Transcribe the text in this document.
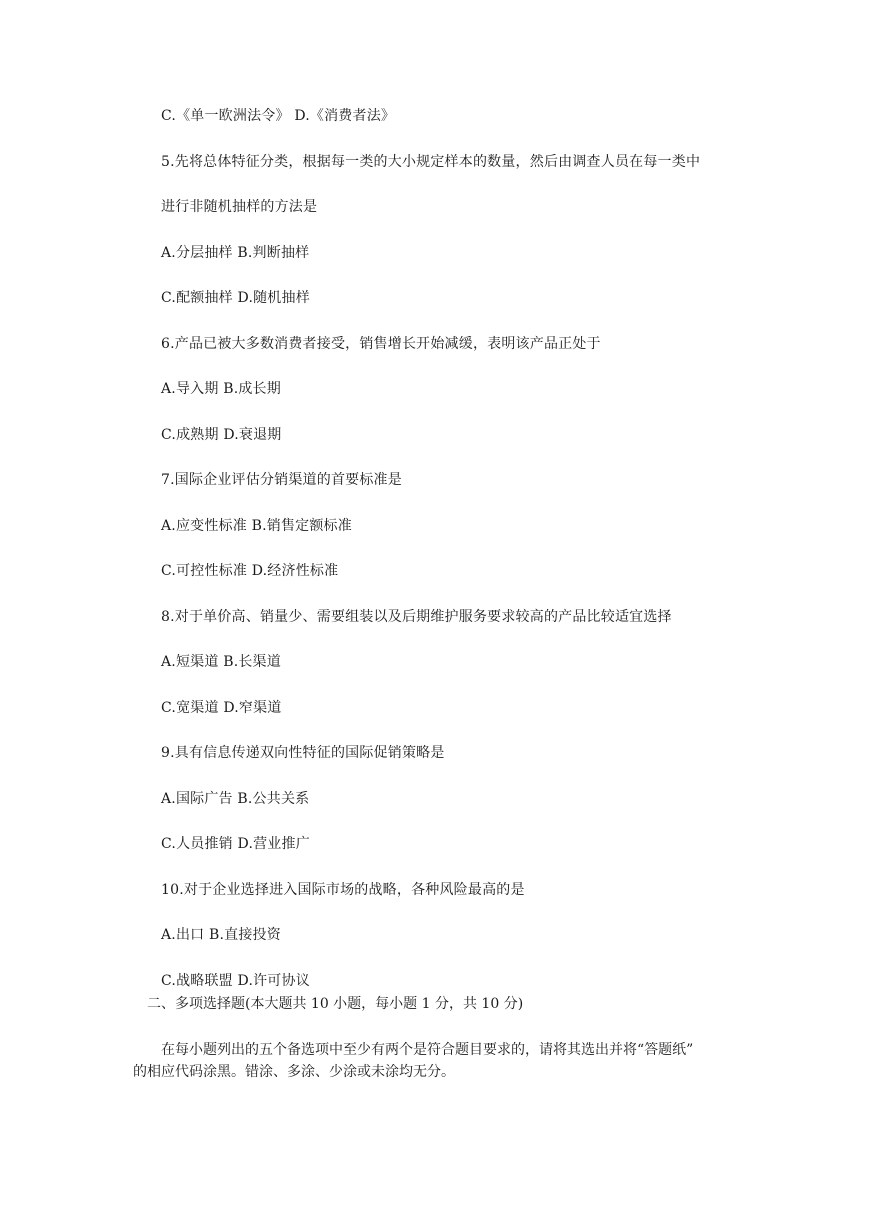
C.《单一欧洲法令》 D.《消费者法》
5.先将总体特征分类，根据每一类的大小规定样本的数量，然后由调查人员在每一类中
进行非随机抽样的方法是
A.分层抽样 B.判断抽样
C.配额抽样 D.随机抽样
6.产品已被大多数消费者接受，销售增长开始减缓，表明该产品正处于
A.导入期 B.成长期
C.成熟期 D.衰退期
7.国际企业评估分销渠道的首要标准是
A.应变性标准 B.销售定额标准
C.可控性标准 D.经济性标准
8.对于单价高、销量少、需要组装以及后期维护服务要求较高的产品比较适宜选择
A.短渠道 B.长渠道
C.宽渠道 D.窄渠道
9.具有信息传递双向性特征的国际促销策略是
A.国际广告 B.公共关系
C.人员推销 D.营业推广
10.对于企业选择进入国际市场的战略，各种风险最高的是
A.出口 B.直接投资
C.战略联盟 D.许可协议
二、多项选择题(本大题共 10 小题，每小题 1 分，共 10 分)
在每小题列出的五个备选项中至少有两个是符合题目要求的，请将其选出并将“答题纸”
的相应代码涂黑。错涂、多涂、少涂或未涂均无分。
